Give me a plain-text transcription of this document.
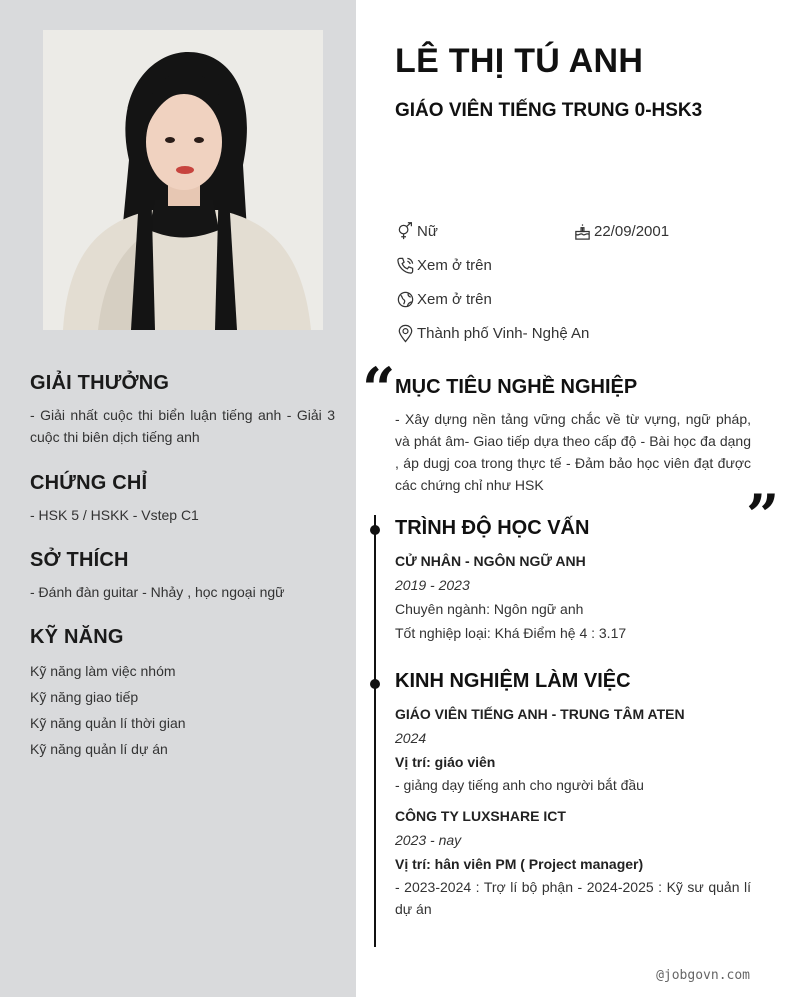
GIẢI THƯỞNG

- Giải nhất cuộc thi biển luận tiếng anh - Giải 3 cuộc thi biên dịch tiếng anh

CHỨNG CHỈ

- HSK 5 / HSKK - Vstep C1

SỞ THÍCH

- Đánh đàn guitar - Nhảy , học ngoại ngữ

KỸ NĂNG
Kỹ năng làm việc nhóm
Kỹ năng giao tiếp
Kỹ năng quản lí thời gian
Kỹ năng quản lí dự án
LÊ THỊ TÚ ANH
GIÁO VIÊN TIẾNG TRUNG 0-HSK3
Nữ	22/09/2001
Xem ở trên
Xem ở trên
Thành phố Vinh- Nghệ An
“
”
MỤC TIÊU NGHỀ NGHIỆP
- Xây dựng nền tảng vững chắc về từ vựng, ngữ pháp, và phát âm- Giao tiếp dựa theo cấp độ - Bài học đa dạng , áp dugj coa trong thực tế - Đảm bảo học viên đạt được các chứng chỉ như HSK
TRÌNH ĐỘ HỌC VẤN
CỬ NHÂN - NGÔN NGỮ ANH
2019 - 2023
Chuyên ngành: Ngôn ngữ anh
Tốt nghiệp loại: Khá Điểm hệ 4 : 3.17
KINH NGHIỆM LÀM VIỆC
GIÁO VIÊN TIẾNG ANH - TRUNG TÂM ATEN
2024
Vị trí: giáo viên
- giảng dạy tiếng anh cho người bắt đầu
CÔNG TY LUXSHARE ICT
2023 - nay
Vị trí: hân viên PM ( Project manager)
- 2023-2024 : Trợ lí bộ phận - 2024-2025 : Kỹ sư quản lí dự án
@jobgovn.com
